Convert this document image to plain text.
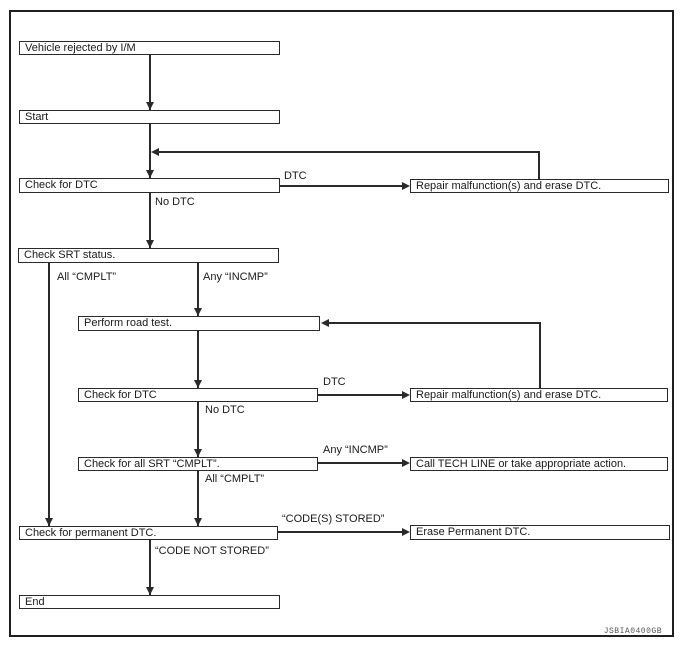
Vehicle rejected by I/M
Start
Check for DTC
Check SRT status.
Perform road test.
Check for DTC
Check for all SRT “CMPLT”.
Check for permanent DTC.
End
Repair malfunction(s) and erase DTC.
Repair malfunction(s) and erase DTC.
Call TECH LINE or take appropriate action.
Erase Permanent DTC.
DTC
No DTC
All “CMPLT”	Any “INCMP”
DTC
No DTC
Any “INCMP”
All “CMPLT”
“CODE(S) STORED”
“CODE NOT STORED”
JSBIA0400GB
